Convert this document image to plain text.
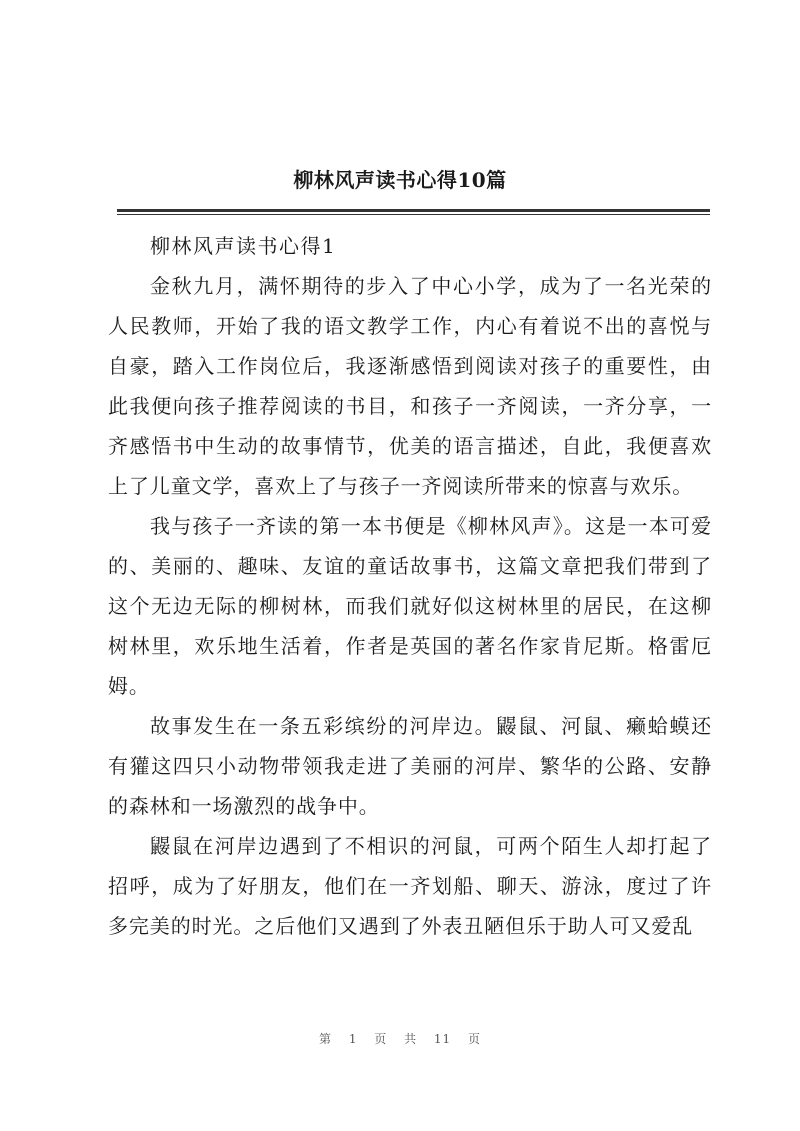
柳林风声读书心得10篇

柳林风声读书心得1

金秋九月，满怀期待的步入了中心小学，成为了一名光荣的人民教师，开始了我的语文教学工作，内心有着说不出的喜悦与自豪，踏入工作岗位后，我逐渐感悟到阅读对孩子的重要性，由此我便向孩子推荐阅读的书目，和孩子一齐阅读，一齐分享，一齐感悟书中生动的故事情节，优美的语言描述，自此，我便喜欢上了儿童文学，喜欢上了与孩子一齐阅读所带来的惊喜与欢乐。

我与孩子一齐读的第一本书便是《柳林风声》。这是一本可爱的、美丽的、趣味、友谊的童话故事书，这篇文章把我们带到了这个无边无际的柳树林，而我们就好似这树林里的居民，在这柳树林里，欢乐地生活着，作者是英国的著名作家肯尼斯。格雷厄姆。

故事发生在一条五彩缤纷的河岸边。鼹鼠、河鼠、癞蛤蟆还有獾这四只小动物带领我走进了美丽的河岸、繁华的公路、安静的森林和一场激烈的战争中。

鼹鼠在河岸边遇到了不相识的河鼠，可两个陌生人却打起了招呼，成为了好朋友，他们在一齐划船、聊天、游泳，度过了许多完美的时光。之后他们又遇到了外表丑陋但乐于助人可又爱乱

第 1 页 共 11 页
